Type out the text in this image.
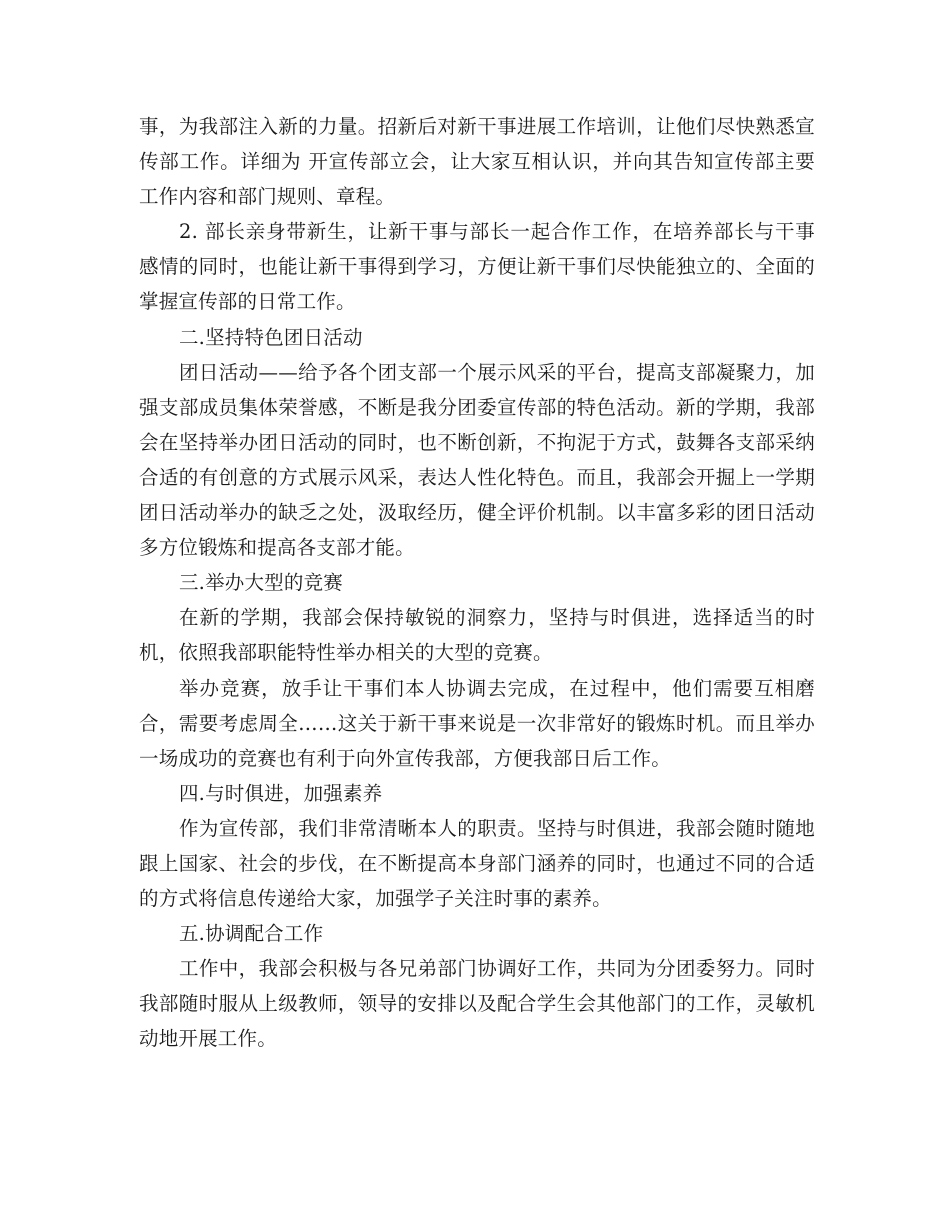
事，为我部注入新的力量。招新后对新干事进展工作培训，让他们尽快熟悉宣传部工作。详细为 开宣传部立会，让大家互相认识，并向其告知宣传部主要工作内容和部门规则、章程。

2. 部长亲身带新生，让新干事与部长一起合作工作，在培养部长与干事感情的同时，也能让新干事得到学习，方便让新干事们尽快能独立的、全面的掌握宣传部的日常工作。

二.坚持特色团日活动

团日活动——给予各个团支部一个展示风采的平台，提高支部凝聚力，加强支部成员集体荣誉感，不断是我分团委宣传部的特色活动。新的学期，我部会在坚持举办团日活动的同时，也不断创新，不拘泥于方式，鼓舞各支部采纳合适的有创意的方式展示风采，表达人性化特色。而且，我部会开掘上一学期团日活动举办的缺乏之处，汲取经历，健全评价机制。以丰富多彩的团日活动多方位锻炼和提高各支部才能。

三.举办大型的竞赛

在新的学期，我部会保持敏锐的洞察力，坚持与时俱进，选择适当的时机，依照我部职能特性举办相关的大型的竞赛。

举办竞赛，放手让干事们本人协调去完成，在过程中，他们需要互相磨合，需要考虑周全……这关于新干事来说是一次非常好的锻炼时机。而且举办一场成功的竞赛也有利于向外宣传我部，方便我部日后工作。

四.与时俱进，加强素养

作为宣传部，我们非常清晰本人的职责。坚持与时俱进，我部会随时随地跟上国家、社会的步伐，在不断提高本身部门涵养的同时，也通过不同的合适的方式将信息传递给大家，加强学子关注时事的素养。

五.协调配合工作

工作中，我部会积极与各兄弟部门协调好工作，共同为分团委努力。同时我部随时服从上级教师，领导的安排以及配合学生会其他部门的工作，灵敏机动地开展工作。
